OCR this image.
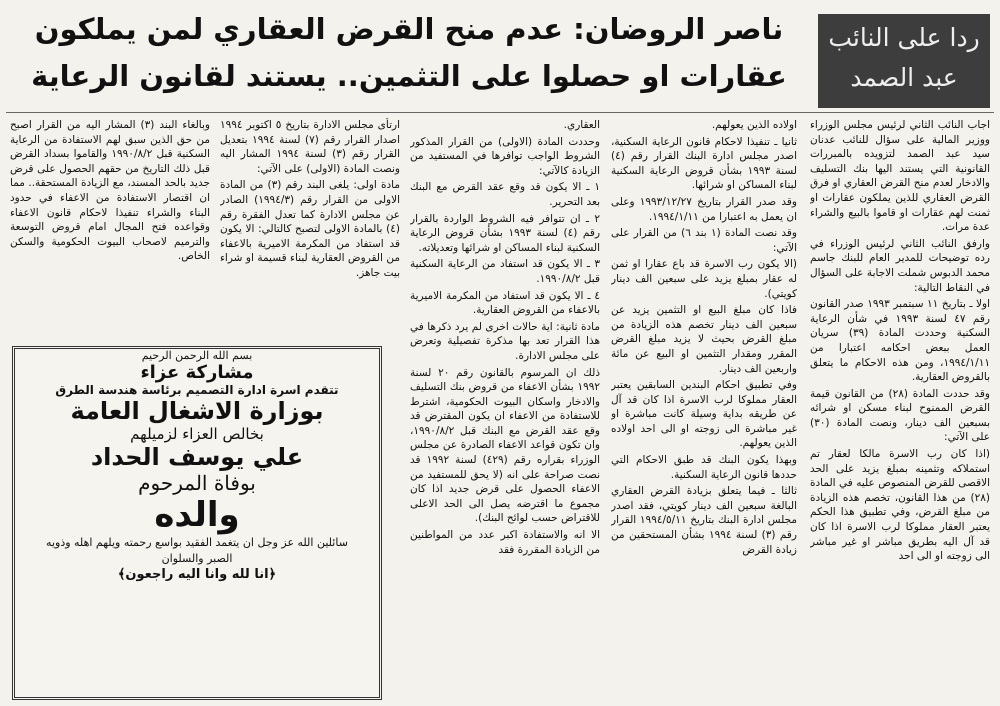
ردا على النائب عبد الصمد
ناصر الروضان: عدم منح القرض العقاري لمن يملكون
عقارات او حصلوا على التثمين.. يستند لقانون الرعاية

اجاب النائب الثاني لرئيس مجلس الوزراء ووزير المالية على سؤال للنائب عدنان سيد عبد الصمد لتزويده بالمبررات القانونية التي يستند اليها بنك التسليف والادخار لعدم منح القرض العقاري او فرق القرض العقاري للذين يملكون عقارات او ثمنت لهم عقارات او قاموا بالبيع والشراء عدة مرات.

وارفق النائب الثاني لرئيس الوزراء في رده توضيحات للمدير العام للبنك جاسم محمد الدبوس شملت الاجابة على السؤال في النقاط التالية:

اولا ـ بتاريخ ١١ سبتمبر ١٩٩٣ صدر القانون رقم ٤٧ لسنة ١٩٩٣ في شأن الرعاية السكنية وحددت المادة (٣٩) سريان العمل ببعض احكامه اعتبارا من ١٩٩٤/١/١١، ومن هذه الاحكام ما يتعلق بالقروض العقارية.

وقد حددت المادة (٢٨) من القانون قيمة القرض الممنوح لبناء مسكن او شرائه بسبعين الف دينار، ونصت المادة (٣٠) على الآتي:

(اذا كان رب الاسرة مالكا لعقار تم استملاكه وتثمينه بمبلغ يزيد على الحد الاقصى للقرض المنصوص عليه في المادة (٢٨) من هذا القانون، تخصم هذه الزيادة من مبلغ القرض، وفي تطبيق هذا الحكم يعتبر العقار مملوكا لرب الاسرة اذا كان قد آل اليه بطريق مباشر او غير مباشر الى زوجته او الى احد

اولاده الذين يعولهم.

ثانيا ـ تنفيذا لاحكام قانون الرعاية السكنية، اصدر مجلس ادارة البنك القرار رقم (٤) لسنة ١٩٩٣ بشأن قروض الرعاية السكنية لبناء المساكن او شرائها.

وقد صدر القرار بتاريخ ١٩٩٣/١٢/٢٧ وعلى ان يعمل به اعتبارا من ١٩٩٤/١/١١.

وقد نصت المادة (١ بند ٦) من القرار على الآتي:

(الا يكون رب الاسرة قد باع عقارا او ثمن له عقار بمبلغ يزيد على سبعين الف دينار كويتي).

فاذا كان مبلغ البيع او التثمين يزيد عن سبعين الف دينار تخصم هذه الزيادة من مبلغ القرض بحيث لا يزيد مبلغ القرض المقرر ومقدار التثمين او البيع عن مائة واربعين الف دينار.

وفي تطبيق احكام البندين السابقين يعتبر العقار مملوكا لرب الاسرة اذا كان قد آل عن طريقه بداية وسيلة كانت مباشرة او غير مباشرة الى زوجته او الى احد اولاده الذين يعولهم.

وبهذا يكون البنك قد طبق الاحكام التي حددها قانون الرعاية السكنية.

ثالثا ـ فيما يتعلق بزيادة القرض العقاري البالغة سبعين الف دينار كويتي، فقد اصدر مجلس ادارة البنك بتاريخ ١٩٩٤/٥/١١ القرار رقم (٣) لسنة ١٩٩٤ بشأن المستحقين من زيادة القرض

العقاري.

وحددت المادة (الاولى) من القرار المذكور الشروط الواجب توافرها في المستفيد من الزيادة كالآتي:

١ ـ الا يكون قد وقع عقد القرض مع البنك بعد التحرير.

٢ ـ ان تتوافر فيه الشروط الواردة بالقرار رقم (٤) لسنة ١٩٩٣ بشأن قروض الرعاية السكنية لبناء المساكن او شرائها وتعديلاته.

٣ ـ الا يكون قد استفاد من الرعاية السكنية قبل ١٩٩٠/٨/٢.

٤ ـ الا يكون قد استفاد من المكرمة الاميرية بالاعفاء من القروض العقارية.

مادة ثانية: اية حالات اخرى لم يرد ذكرها في هذا القرار تعد بها مذكرة تفصيلية وتعرض على مجلس الادارة.

ذلك ان المرسوم بالقانون رقم ٢٠ لسنة ١٩٩٢ بشأن الاعفاء من قروض بنك التسليف والادخار واسكان البيوت الحكومية، اشترط للاستفادة من الاعفاء ان يكون المقترض قد وقع عقد القرض مع البنك قبل ١٩٩٠/٨/٢، وان تكون قواعد الاعفاء الصادرة عن مجلس الوزراء بقراره رقم (٤٢٩) لسنة ١٩٩٢ قد نصت صراحة على انه (لا يحق للمستفيد من الاعفاء الحصول على قرض جديد اذا كان مجموع ما اقترضه يصل الى الحد الاعلى للاقتراض حسب لوائح البنك).

الا انه والاستفادة اكبر عدد من المواطنين من الزيادة المقررة فقد

ارتأى مجلس الادارة بتاريخ ٥ اكتوبر ١٩٩٤ اصدار القرار رقم (٧) لسنة ١٩٩٤ بتعديل القرار رقم (٣) لسنة ١٩٩٤ المشار اليه ونصت المادة (الاولى) على الآتي:

مادة اولى: يلغى البند رقم (٣) من المادة الاولى من القرار رقم (١٩٩٤/٣) الصادر عن مجلس الادارة كما تعدل الفقرة رقم (٤) بالمادة الاولى لتصبح كالتالي: الا يكون قد استفاد من المكرمة الاميرية بالاعفاء من القروض العقارية لبناء قسيمة او شراء بيت جاهز.

وبالغاء البند (٣) المشار اليه من القرار اصبح من حق الذين سبق لهم الاستفادة من الرعاية السكنية قبل ١٩٩٠/٨/٢ والقاموا بسداد القرض قبل ذلك التاريخ من حقهم الحصول على قرض جديد بالحد المسند، مع الزيادة المستحقة.. مما ان اقتصار الاستفادة من الاعفاء في حدود البناء والشراء تنفيذا لاحكام قانون الاعفاء وقواعده فتح المجال امام قروض التوسعة والترميم لاصحاب البيوت الحكومية والسكن الخاص.

بسم الله الرحمن الرحيم
مشاركة عزاء
تتقدم اسرة ادارة التصميم برئاسة هندسة الطرق
بوزارة الاشغال العامة
بخالص العزاء لزميلهم
علي يوسف الحداد
بوفاة المرحوم
والده
سائلين الله عز وجل ان يتغمد الفقيد بواسع رحمته ويلهم اهله وذويه الصبر والسلوان
﴿انا لله وانا اليه راجعون﴾
